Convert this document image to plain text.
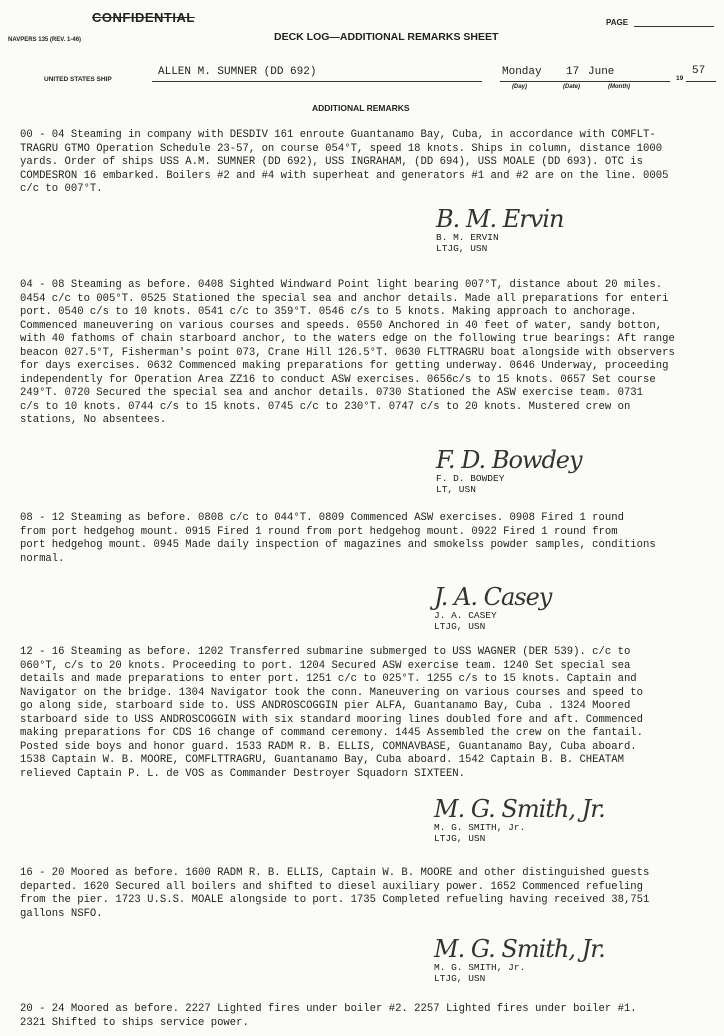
CONFIDENTIAL	PAGE
NAVPERS 135 (REV. 1-46)	DECK LOG—ADDITIONAL REMARKS SHEET
UNITED STATES SHIP
ALLEN M. SUMNER (DD 692)	Monday 17 June
19
57
(Day)	(Date)	(Month)
ADDITIONAL REMARKS
00 - 04 Steaming in company with DESDIV 161 enroute Guantanamo Bay, Cuba, in accordance with COMFLT-
TRAGRU GTMO Operation Schedule 23-57, on course 054°T, speed 18 knots. Ships in column, distance 1000
yards. Order of ships USS A.M. SUMNER (DD 692), USS INGRAHAM, (DD 694), USS MOALE (DD 693). OTC is
COMDESRON 16 embarked. Boilers #2 and #4 with superheat and generators #1 and #2 are on the line. 0005
c/c to 007°T.
B. M. Ervin
B. M. ERVIN
LTJG, USN
04 - 08 Steaming as before. 0408 Sighted Windward Point light bearing 007°T, distance about 20 miles.
0454 c/c to 005°T. 0525 Stationed the special sea and anchor details. Made all preparations for enteri
port. 0540 c/s to 10 knots. 0541 c/c to 359°T. 0546 c/s to 5 knots. Making approach to anchorage.
Commenced maneuvering on various courses and speeds. 0550 Anchored in 40 feet of water, sandy botton,
with 40 fathoms of chain starboard anchor, to the waters edge on the following true bearings: Aft range
beacon 027.5°T, Fisherman's point 073, Crane Hill 126.5°T. 0630 FLTTRAGRU boat alongside with observers
for days exercises. 0632 Commenced making preparations for getting underway. 0646 Underway, proceeding
independently for Operation Area ZZ16 to conduct ASW exercises. 0656c/s to 15 knots. 0657 Set course
249°T. 0720 Secured the special sea and anchor details. 0730 Stationed the ASW exercise team. 0731
c/s to 10 knots. 0744 c/s to 15 knots. 0745 c/c to 230°T. 0747 c/s to 20 knots. Mustered crew on
stations, No absentees.
F. D. Bowdey
F. D. BOWDEY
LT, USN
08 - 12 Steaming as before. 0808 c/c to 044°T. 0809 Commenced ASW exercises. 0908 Fired 1 round
from port hedgehog mount. 0915 Fired 1 round from port hedgehog mount. 0922 Fired 1 round from
port hedgehog mount. 0945 Made daily inspection of magazines and smokelss powder samples, conditions
normal.
J. A. Casey
J. A. CASEY
LTJG, USN
12 - 16 Steaming as before. 1202 Transferred submarine submerged to USS WAGNER (DER 539). c/c to
060°T, c/s to 20 knots. Proceeding to port. 1204 Secured ASW exercise team. 1240 Set special sea
details and made preparations to enter port. 1251 c/c to 025°T. 1255 c/s to 15 knots. Captain and
Navigator on the bridge. 1304 Navigator took the conn. Maneuvering on various courses and speed to
go along side, starboard side to. USS ANDROSCOGGIN pier ALFA, Guantanamo Bay, Cuba . 1324 Moored
starboard side to USS ANDROSCOGGIN with six standard mooring lines doubled fore and aft. Commenced
making preparations for CDS 16 change of command ceremony. 1445 Assembled the crew on the fantail.
Posted side boys and honor guard. 1533 RADM R. B. ELLIS, COMNAVBASE, Guantanamo Bay, Cuba aboard.
1538 Captain W. B. MOORE, COMFLTTRAGRU, Guantanamo Bay, Cuba aboard. 1542 Captain B. B. CHEATAM
relieved Captain P. L. de VOS as Commander Destroyer Squadorn SIXTEEN.
M. G. Smith, Jr.
M. G. SMITH, Jr.
LTJG, USN
16 - 20 Moored as before. 1600 RADM R. B. ELLIS, Captain W. B. MOORE and other distinguished guests
departed. 1620 Secured all boilers and shifted to diesel auxiliary power. 1652 Commenced refueling
from the pier. 1723 U.S.S. MOALE alongside to port. 1735 Completed refueling having received 38,751
gallons NSFO.
M. G. Smith, Jr.
M. G. SMITH, Jr.
LTJG, USN
20 - 24 Moored as before. 2227 Lighted fires under boiler #2. 2257 Lighted fires under boiler #1.
2321 Shifted to ships service power.
